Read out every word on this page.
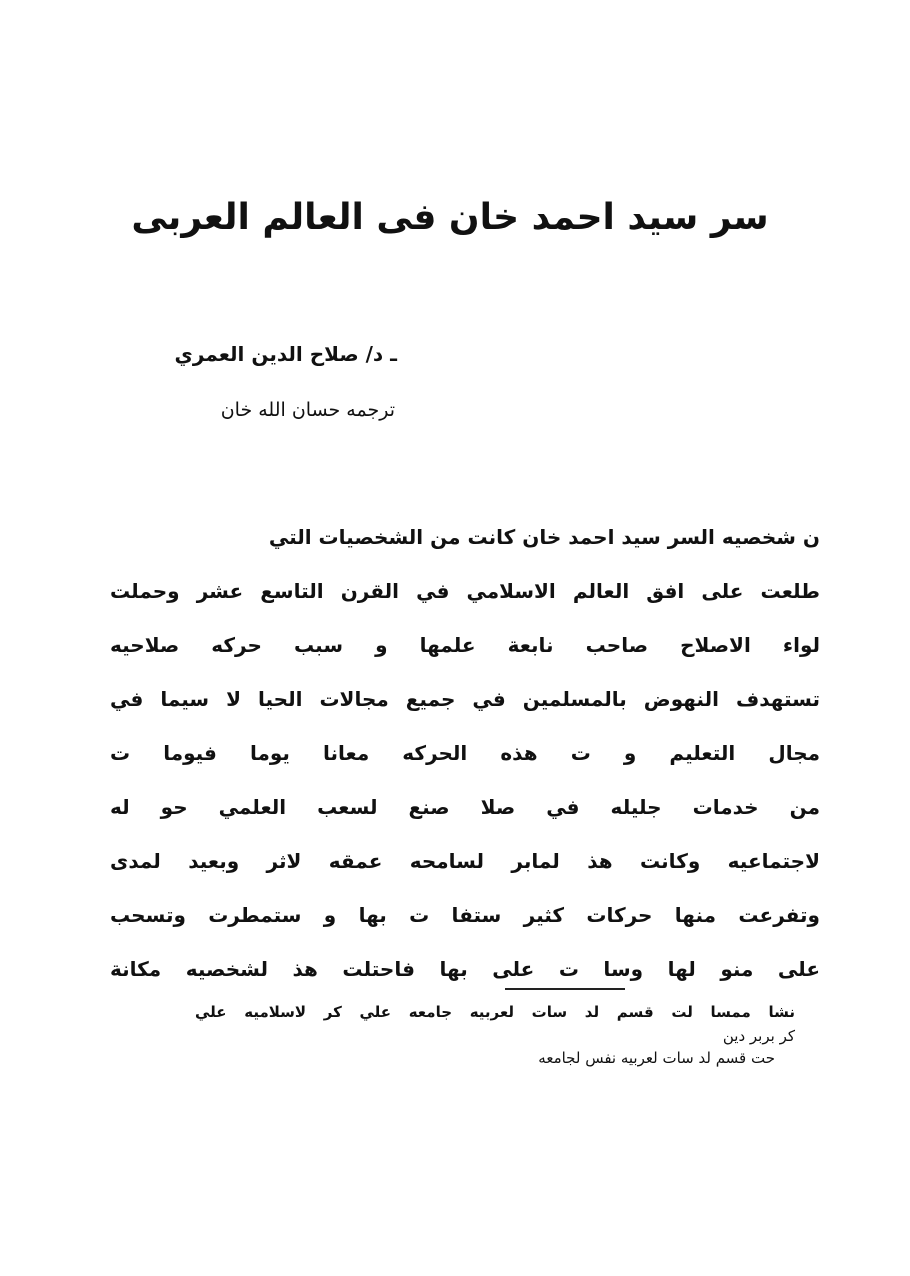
سر سيد احمد خان فى العالم العربى
ـ د/ صلاح الدين العمري
ترجمه حسان الله خان
ن شخصيه السر سيد احمد خان كانت من الشخصيات التي
طلعت على افق العالم الاسلامي في القرن التاسع عشر وحملت
لواء الاصلاح صاحب نابعة علمها و سبب حركه صلاحيه
تستهدف النهوض بالمسلمين في جميع مجالات الحيا لا سيما في
مجال التعليم و ت هذه الحركه معانا يوما فيوما ت
من خدمات جليله في صلا صنع لسعب العلمي حو له
لاجتماعيه وكانت هذ لمابر لسامحه عمقه لاثر وبعيد لمدى
وتفرعت منها حركات كثير ستفا ت بها و ستمطرت وتسحب
على منو لها وسا ت على بها فاحتلت هذ لشخصيه مكانة
نشا ممسا لت قسم لد سات لعربيه جامعه علي كر لاسلاميه علي
كر بربر دين
حت قسم لد سات لعربيه نفس لجامعه
